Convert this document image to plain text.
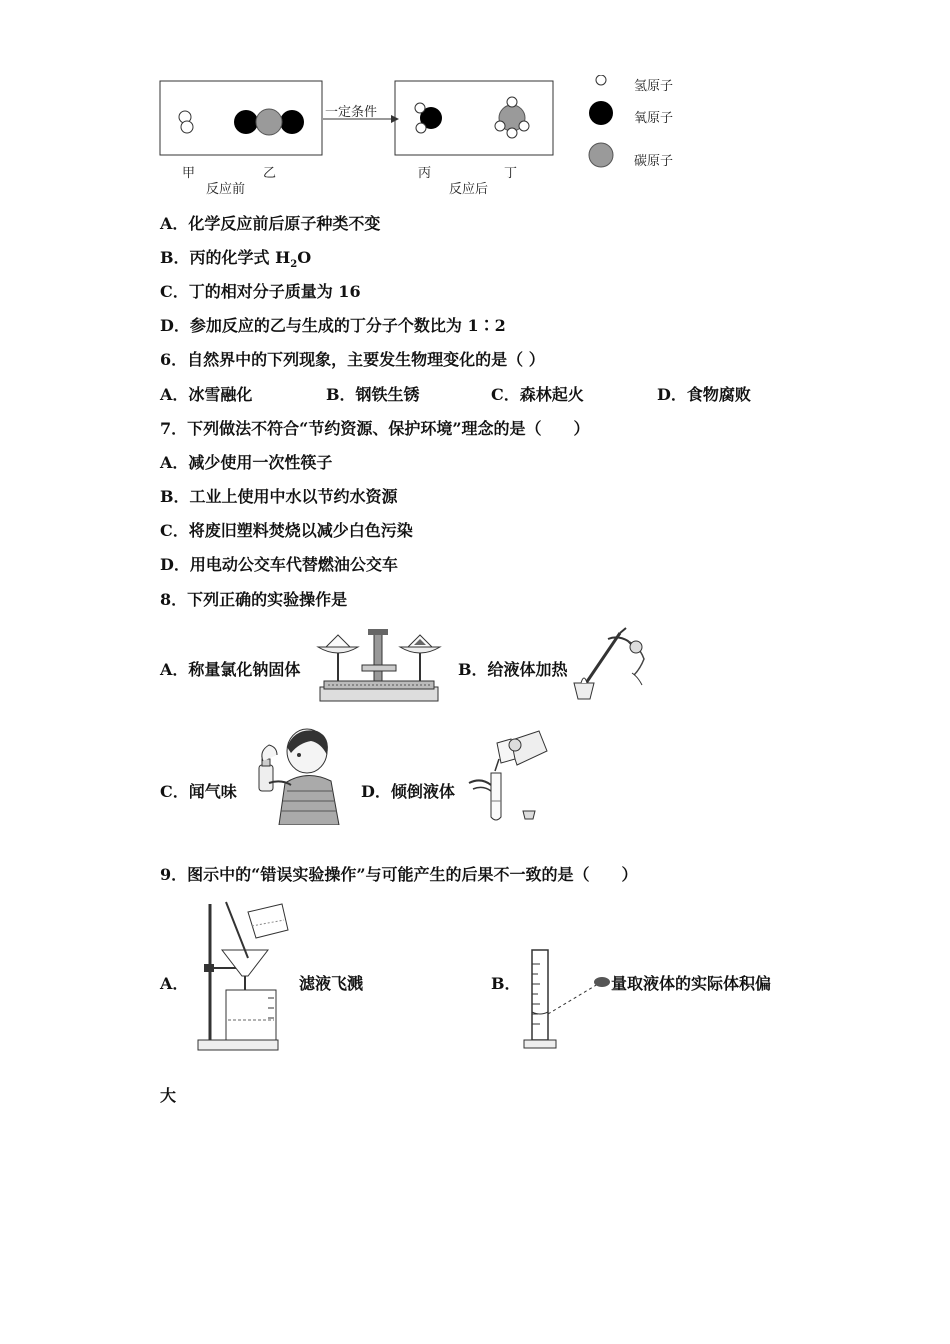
甲	乙
反应前
一定条件
丙	丁
反应后
氢原子
氧原子
碳原子
A．化学反应前后原子种类不变
B．丙的化学式 $H_2O$
C．丁的相对分子质量为 16
D．参加反应的乙与生成的丁分子个数比为 1∶2
6．自然界中的下列现象，主要发生物理变化的是（ ）
A．冰雪融化	B．钢铁生锈	C．森林起火	D．食物腐败
7．下列做法不符合“节约资源、保护环境”理念的是（　　）
A．减少使用一次性筷子
B．工业上使用中水以节约水资源
C．将废旧塑料焚烧以减少白色污染
D．用电动公交车代替燃油公交车
8．下列正确的实验操作是
A．称量氯化钠固体	B．给液体加热
C．闻气味	D．倾倒液体
9．图示中的“错误实验操作”与可能产生的后果不一致的是（　　）
A．	滤液飞溅	B．	量取液体的实际体积偏
大
